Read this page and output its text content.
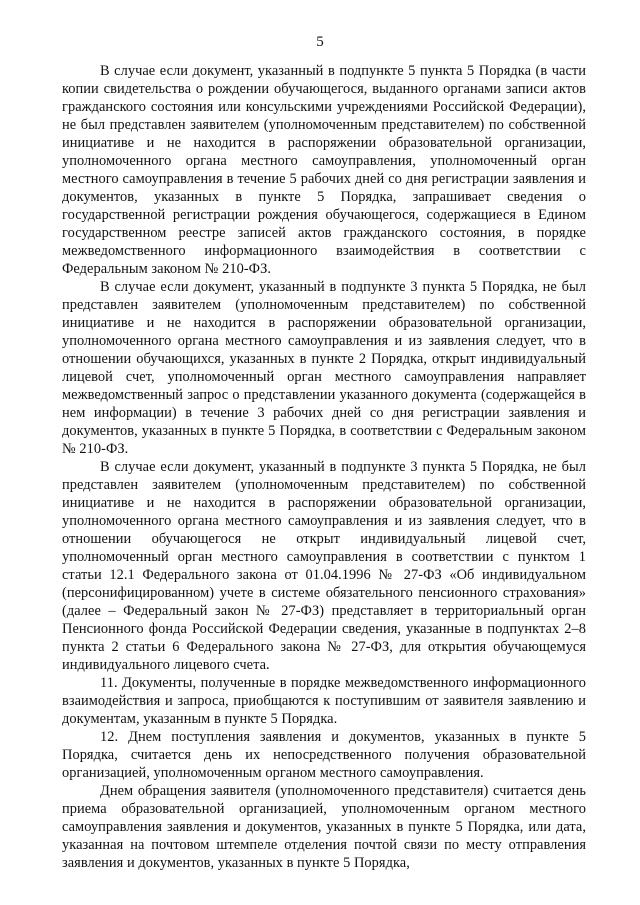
5

В случае если документ, указанный в подпункте 5 пункта 5 Порядка (в части копии свидетельства о рождении обучающегося, выданного органами записи актов гражданского состояния или консульскими учреждениями Российской Федерации), не был представлен заявителем (уполномоченным представителем) по собственной инициативе и не находится в распоряжении образовательной организации, уполномоченного органа местного самоуправления, уполномоченный орган местного самоуправления в течение 5 рабочих дней со дня регистрации заявления и документов, указанных в пункте 5 Порядка, запрашивает сведения о государственной регистрации рождения обучающегося, содержащиеся в Едином государственном реестре записей актов гражданского состояния, в порядке межведомственного информационного взаимодействия в соответствии с Федеральным законом № 210-ФЗ.

В случае если документ, указанный в подпункте 3 пункта 5 Порядка, не был представлен заявителем (уполномоченным представителем) по собственной инициативе и не находится в распоряжении образовательной организации, уполномоченного органа местного самоуправления и из заявления следует, что в отношении обучающихся, указанных в пункте 2 Порядка, открыт индивидуальный лицевой счет, уполномоченный орган местного самоуправления направляет межведомственный запрос о представлении указанного документа (содержащейся в нем информации) в течение 3 рабочих дней со дня регистрации заявления и документов, указанных в пункте 5 Порядка, в соответствии с Федеральным законом № 210-ФЗ.

В случае если документ, указанный в подпункте 3 пункта 5 Порядка, не был представлен заявителем (уполномоченным представителем) по собственной инициативе и не находится в распоряжении образовательной организации, уполномоченного органа местного самоуправления и из заявления следует, что в отношении обучающегося не открыт индивидуальный лицевой счет, уполномоченный орган местного самоуправления в соответствии с пунктом 1 статьи 12.1 Федерального закона от 01.04.1996 № 27-ФЗ «Об индивидуальном (персонифицированном) учете в системе обязательного пенсионного страхования» (далее – Федеральный закон № 27-ФЗ) представляет в территориальный орган Пенсионного фонда Российской Федерации сведения, указанные в подпунктах 2–8 пункта 2 статьи 6 Федерального закона № 27-ФЗ, для открытия обучающемуся индивидуального лицевого счета.

11. Документы, полученные в порядке межведомственного информационного взаимодействия и запроса, приобщаются к поступившим от заявителя заявлению и документам, указанным в пункте 5 Порядка.

12. Днем поступления заявления и документов, указанных в пункте 5 Порядка, считается день их непосредственного получения образовательной организацией, уполномоченным органом местного самоуправления.

Днем обращения заявителя (уполномоченного представителя) считается день приема образовательной организацией, уполномоченным органом местного самоуправления заявления и документов, указанных в пункте 5 Порядка, или дата, указанная на почтовом штемпеле отделения почтой связи по месту отправления заявления и документов, указанных в пункте 5 Порядка,
